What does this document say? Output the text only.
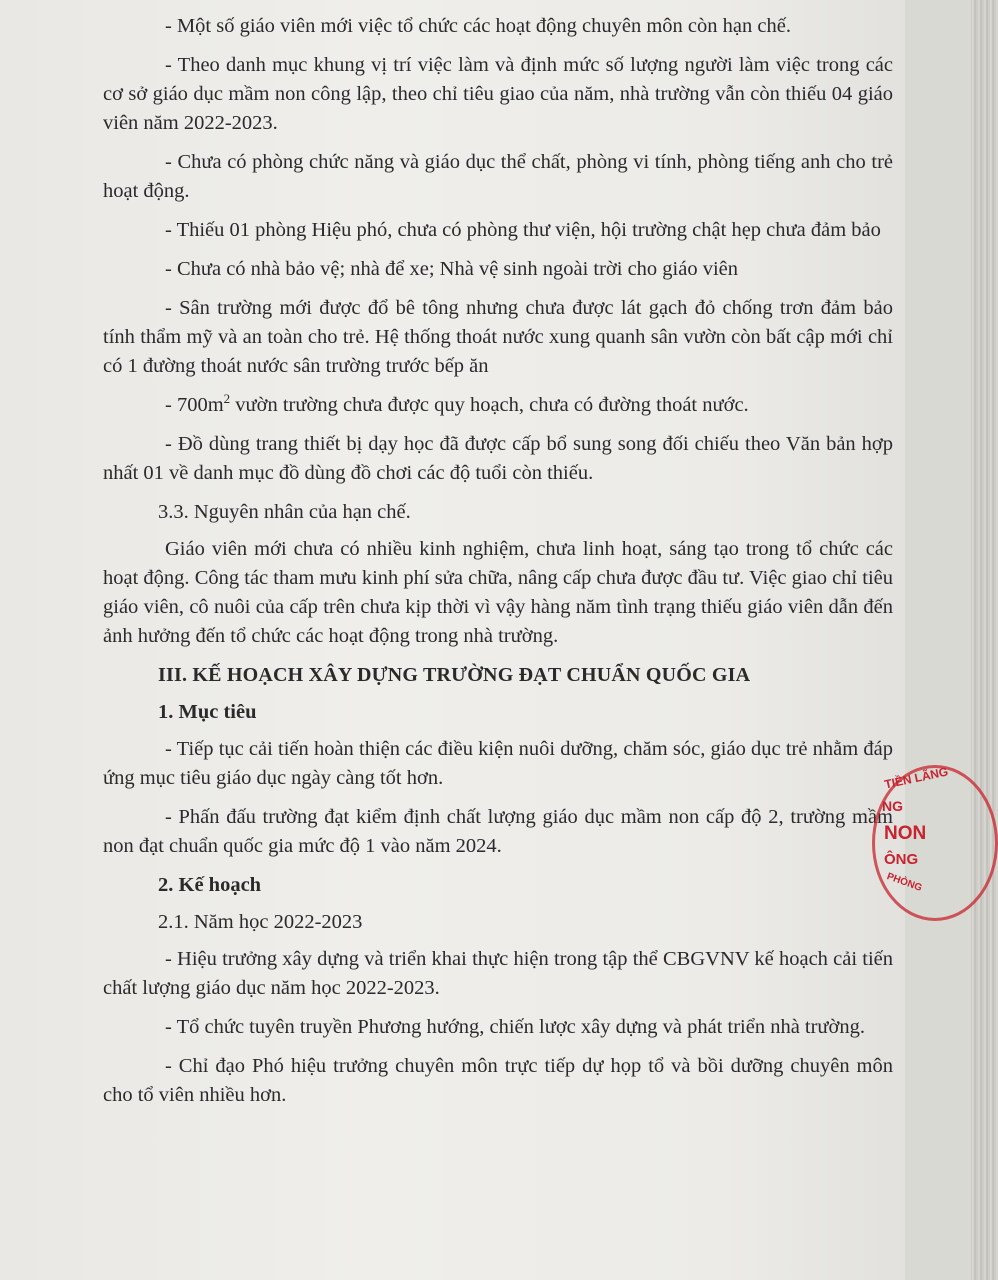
- Một số giáo viên mới việc tổ chức các hoạt động chuyên môn còn hạn chế.

- Theo danh mục khung vị trí việc làm và định mức số lượng người làm việc trong các cơ sở giáo dục mầm non công lập, theo chỉ tiêu giao của năm, nhà trường vẫn còn thiếu 04 giáo viên năm 2022-2023.

- Chưa có phòng chức năng và giáo dục thể chất, phòng vi tính, phòng tiếng anh cho trẻ hoạt động.

- Thiếu 01 phòng Hiệu phó, chưa có phòng thư viện, hội trường chật hẹp chưa đảm bảo

- Chưa có nhà bảo vệ; nhà để xe; Nhà vệ sinh ngoài trời cho giáo viên

- Sân trường mới được đổ bê tông nhưng chưa được lát gạch đỏ chống trơn đảm bảo tính thẩm mỹ và an toàn cho trẻ. Hệ thống thoát nước xung quanh sân vườn còn bất cập mới chỉ có 1 đường thoát nước sân trường trước bếp ăn

- $700m^2$ vườn trường chưa được quy hoạch, chưa có đường thoát nước.

- Đồ dùng trang thiết bị dạy học đã được cấp bổ sung song đối chiếu theo Văn bản hợp nhất 01 về danh mục đồ dùng đồ chơi các độ tuổi còn thiếu.

3.3. Nguyên nhân của hạn chế.

Giáo viên mới chưa có nhiều kinh nghiệm, chưa linh hoạt, sáng tạo trong tổ chức các hoạt động. Công tác tham mưu kinh phí sửa chữa, nâng cấp chưa được đầu tư. Việc giao chỉ tiêu giáo viên, cô nuôi của cấp trên chưa kịp thời vì vậy hàng năm tình trạng thiếu giáo viên dẫn đến ảnh hưởng đến tổ chức các hoạt động trong nhà trường.

III. KẾ HOẠCH XÂY DỰNG TRƯỜNG ĐẠT CHUẨN QUỐC GIA

1. Mục tiêu

- Tiếp tục cải tiến hoàn thiện các điều kiện nuôi dưỡng, chăm sóc, giáo dục trẻ nhằm đáp ứng mục tiêu giáo dục ngày càng tốt hơn.

- Phấn đấu trường đạt kiểm định chất lượng giáo dục mầm non cấp độ 2, trường mầm non đạt chuẩn quốc gia mức độ 1 vào năm 2024.

2. Kế hoạch

2.1. Năm học 2022-2023

- Hiệu trưởng xây dựng và triển khai thực hiện trong tập thể CBGVNV kế hoạch cải tiến chất lượng giáo dục năm học 2022-2023.

- Tổ chức tuyên truyền Phương hướng, chiến lược xây dựng và phát triển nhà trường.

- Chỉ đạo Phó hiệu trưởng chuyên môn trực tiếp dự họp tổ và bồi dưỡng chuyên môn cho tổ viên nhiều hơn.

TIỀN LÃNG
NG
NON
ÔNG
PHÒNG
